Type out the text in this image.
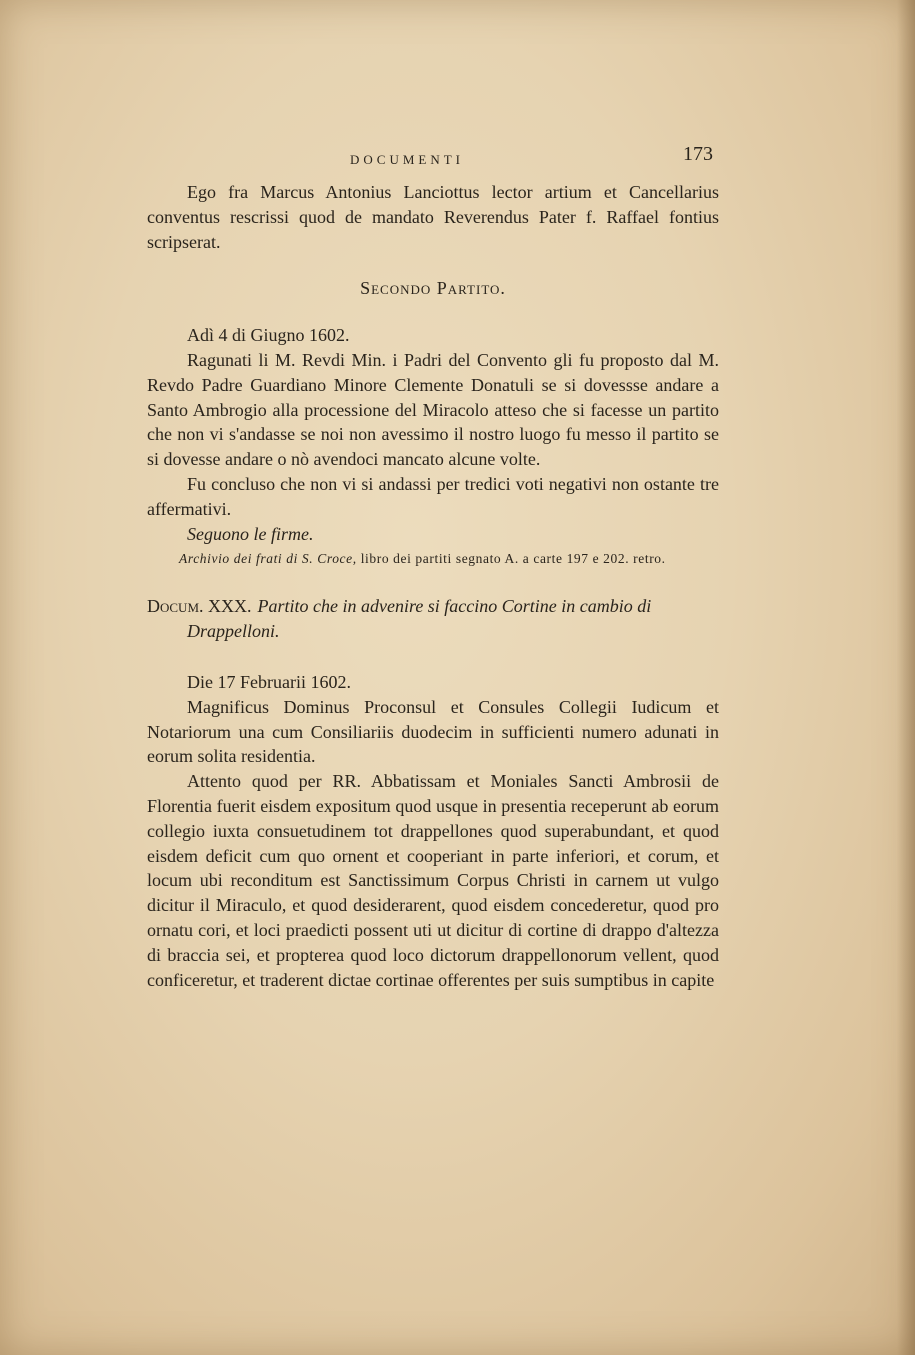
DOCUMENTI	173

Ego fra Marcus Antonius Lanciottus lector artium et Cancellarius conventus rescrissi quod de mandato Reverendus Pater f. Raffael fontius scripserat.

Secondo Partito.

Adì 4 di Giugno 1602.

Ragunati li M. Revdi Min. i Padri del Convento gli fu proposto dal M. Revdo Padre Guardiano Minore Clemente Donatuli se si dovessse andare a Santo Ambrogio alla processione del Miracolo atteso che si facesse un partito che non vi s'andasse se noi non avessimo il nostro luogo fu messo il partito se si dovesse andare o nò avendoci mancato alcune volte.

Fu concluso che non vi si andassi per tredici voti negativi non ostante tre affermativi.

Seguono le firme.

Archivio dei frati di S. Croce, libro dei partiti segnato A. a carte 197 e 202. retro.

Docum. XXX. Partito che in advenire si faccino Cortine in cambio di Drappelloni.

Die 17 Februarii 1602.

Magnificus Dominus Proconsul et Consules Collegii Iudicum et Notariorum una cum Consiliariis duodecim in sufficienti numero adunati in eorum solita residentia.

Attento quod per RR. Abbatissam et Moniales Sancti Ambrosii de Florentia fuerit eisdem expositum quod usque in presentia receperunt ab eorum collegio iuxta consuetudinem tot drappellones quod superabundant, et quod eisdem deficit cum quo ornent et cooperiant in parte inferiori, et corum, et locum ubi reconditum est Sanctissimum Corpus Christi in carnem ut vulgo dicitur il Miraculo, et quod desiderarent, quod eisdem concederetur, quod pro ornatu cori, et loci praedicti possent uti ut dicitur di cortine di drappo d'altezza di braccia sei, et propterea quod loco dictorum drappellonorum vellent, quod conficeretur, et traderent dictae cortinae offerentes per suis sumptibus in capite
